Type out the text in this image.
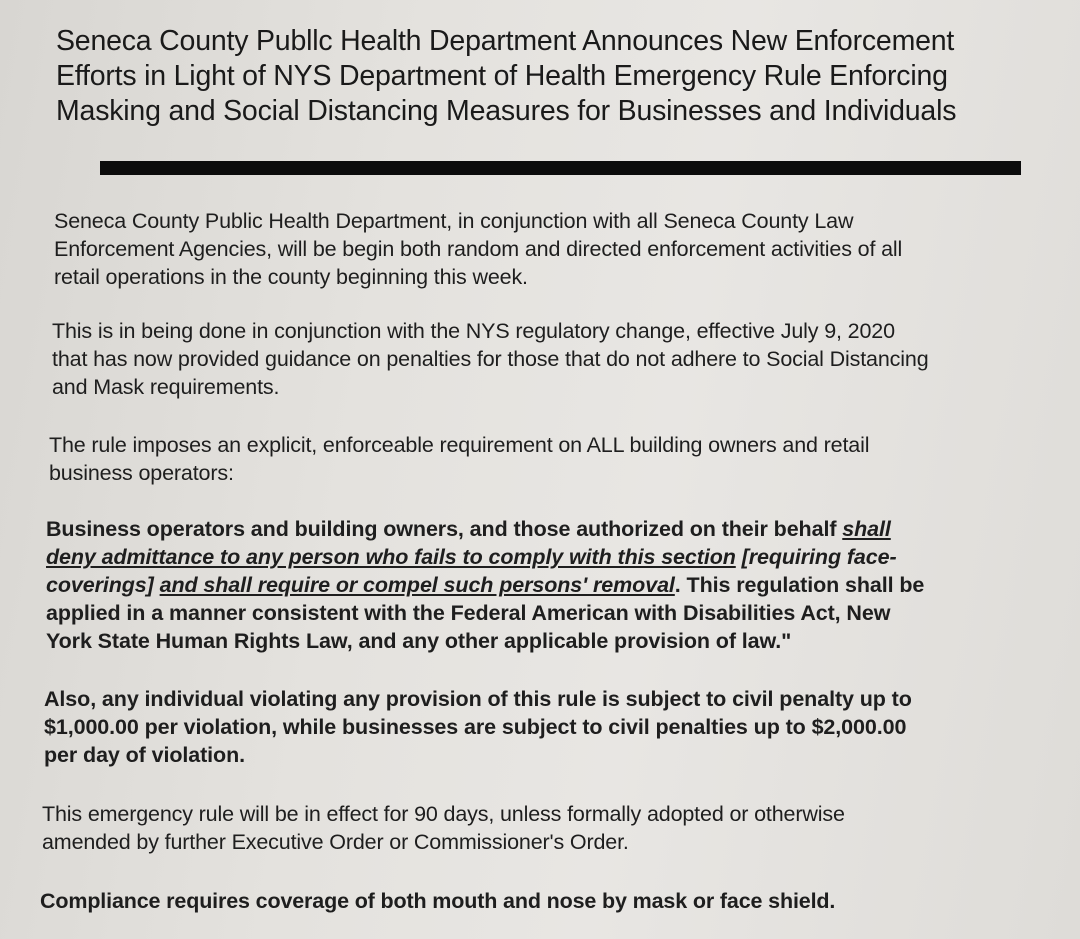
Seneca County Publlc Health Department Announces New Enforcement
Efforts in Light of NYS Department of Health Emergency Rule Enforcing
Masking and Social Distancing Measures for Businesses and Individuals

Seneca County Public Health Department, in conjunction with all Seneca County Law
Enforcement Agencies, will be begin both random and directed enforcement activities of all
retail operations in the county beginning this week.

This is in being done in conjunction with the NYS regulatory change, effective July 9, 2020
that has now provided guidance on penalties for those that do not adhere to Social Distancing
and Mask requirements.

The rule imposes an explicit, enforceable requirement on ALL building owners and retail
business operators:

Business operators and building owners, and those authorized on their behalf shall
deny admittance to any person who fails to comply with this section [requiring face-
coverings] and shall require or compel such persons' removal. This regulation shall be
applied in a manner consistent with the Federal American with Disabilities Act, New
York State Human Rights Law, and any other applicable provision of law."

Also, any individual violating any provision of this rule is subject to civil penalty up to
$1,000.00 per violation, while businesses are subject to civil penalties up to $2,000.00
per day of violation.

This emergency rule will be in effect for 90 days, unless formally adopted or otherwise
amended by further Executive Order or Commissioner's Order.

Compliance requires coverage of both mouth and nose by mask or face shield.
